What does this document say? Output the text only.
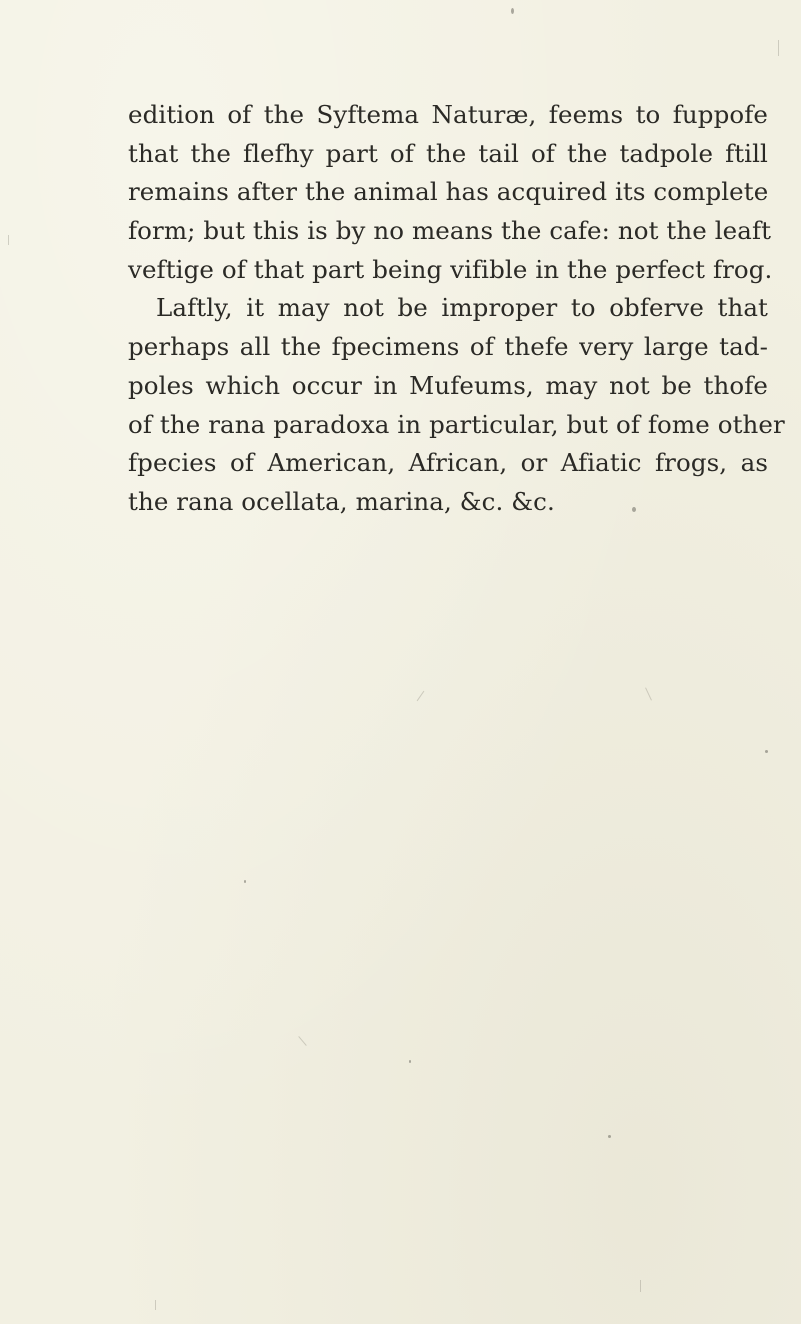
edition of the Syftema Naturæ, feems to fuppofe
that the flefhy part of the tail of the tadpole ftill
remains after the animal has acquired its complete
form; but this is by no means the cafe: not the leaft
veftige of that part being vifible in the perfect frog.
Laftly, it may not be improper to obferve that
perhaps all the fpecimens of thefe very large tad-
poles which occur in Mufeums, may not be thofe
of the rana paradoxa in particular, but of fome other
fpecies of American, African, or Afiatic frogs, as
the rana ocellata, marina, &c. &c.
